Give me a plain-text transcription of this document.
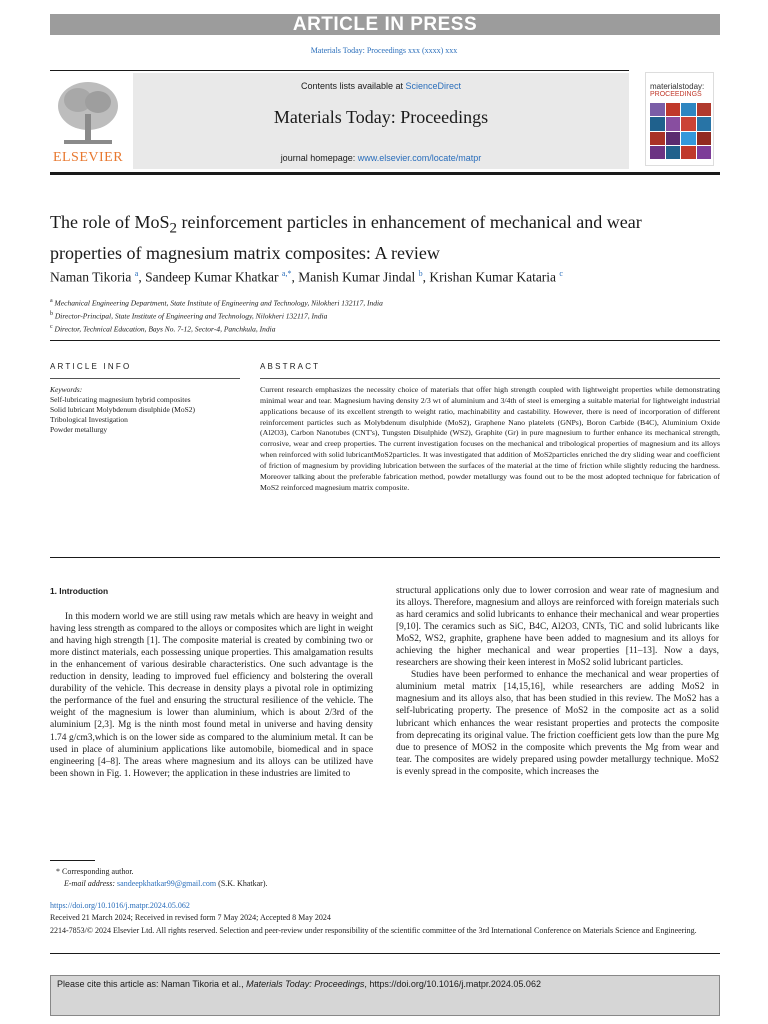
ARTICLE IN PRESS
Materials Today: Proceedings xxx (xxxx) xxx
ELSEVIER
Contents lists available at ScienceDirect
Materials Today: Proceedings
journal homepage: www.elsevier.com/locate/matpr
materialstoday:
PROCEEDINGS
The role of MoS$_2$ reinforcement particles in enhancement of mechanical and wear properties of magnesium matrix composites: A review
Naman Tikoria $^a$, Sandeep Kumar Khatkar $^{a,*}$, Manish Kumar Jindal $^b$, Krishan Kumar Kataria $^c$
$^a$ Mechanical Engineering Department, State Institute of Engineering and Technology, Nilokheri 132117, India
$^b$ Director-Principal, State Institute of Engineering and Technology, Nilokheri 132117, India
$^c$ Director, Technical Education, Bays No. 7-12, Sector-4, Panchkula, India
ARTICLE INFO	ABSTRACT
Keywords:
Self-lubricating magnesium hybrid composites
Solid lubricant Molybdenum disulphide (MoS2)
Tribological Investigation
Powder metallurgy
Current research emphasizes the necessity choice of materials that offer high strength coupled with lightweight properties while demonstrating minimal wear and tear. Magnesium having density 2/3 wt of aluminium and 3/4th of steel is emerging a suitable material for lightweight industrial applications because of its excellent strength to weight ratio, machinability and castability. However, there is need of incorporation of different reinforcement particles such as Molybdenum disulphide (MoS2), Graphene Nano platelets (GNPs), Boron Carbide (B4C), Aluminium Oxide (Al2O3), Carbon Nanotubes (CNT's), Tungsten Disulphide (WS2), Graphite (Gr) in pure magnesium to further enhance its mechanical strength, corrosive, wear and creep properties. The current investigation focuses on the mechanical and tribological properties of magnesium and its alloys when reinforced with solid lubricantMoS2particles. It was investigated that addition of MoS2particles enriched the dry sliding wear and coefficient of friction of magnesium by providing lubrication between the surfaces of the material at the time of friction while slightly reducing the hardness. Moreover talking about the preferable fabrication method, powder metallurgy was found out to be the most adopted technique for fabrication of MoS2 reinforced magnesium matrix composite.
1. Introduction

In this modern world we are still using raw metals which are heavy in weight and having less strength as compared to the alloys or composites which are light in weight and having high strength [1]. The composite material is created by combining two or more distinct materials, each possessing unique properties. This amalgamation results in the enhancement of various desirable characteristics. One such advantage is the reduction in density, leading to improved fuel efficiency and bolstering the overall durability of the vehicle. This decrease in density plays a pivotal role in optimizing the performance of the fuel and ensuring the structural resilience of the vehicle. The weight of the magnesium is lower than aluminium, which is about 2/3rd of the aluminium [2,3]. Mg is the ninth most found metal in universe and having density 1.74 g/cm3,which is on the lower side as compared to the aluminium metal. It can be used in place of aluminium applications like automobile, biomedical and in space engineering [4–8]. The areas where magnesium and its alloys can be utilized have been shown in Fig. 1. However; the application in these industries are limited to

structural applications only due to lower corrosion and wear rate of magnesium and its alloys. Therefore, magnesium and alloys are reinforced with foreign materials such as hard ceramics and solid lubricants to enhance their mechanical and wear properties [9,10]. The ceramics such as SiC, B4C, Al2O3, CNTs, TiC and solid lubricants like MoS2, WS2, graphite, graphene have been added to magnesium and its alloys for achieving the higher mechanical and wear properties [11–13]. Now a days, researchers are showing their keen interest in MoS2 solid lubricant particles.

Studies have been performed to enhance the mechanical and wear properties of aluminium metal matrix [14,15,16], while researchers are adding MoS2 in magnesium and its alloys also, that has been studied in this review. The MoS2 has a self-lubricating property. The presence of MoS2 in the composite act as a solid lubricant which enhances the wear resistant properties and protects the composite from deprecating its original value. The friction coefficient gets low than the pure Mg due to presence of MOS2 in the composite which prevents the Mg from wear and tear. The composites are widely prepared using powder metallurgy technique. MoS2 is evenly spread in the composite, which increases the

* Corresponding author.
E-mail address: sandeepkhatkar99@gmail.com (S.K. Khatkar).
https://doi.org/10.1016/j.matpr.2024.05.062
Received 21 March 2024; Received in revised form 7 May 2024; Accepted 8 May 2024
2214-7853/© 2024 Elsevier Ltd. All rights reserved. Selection and peer-review under responsibility of the scientific committee of the 3rd International Conference on Materials Science and Engineering.
Please cite this article as: Naman Tikoria et al., Materials Today: Proceedings, https://doi.org/10.1016/j.matpr.2024.05.062
